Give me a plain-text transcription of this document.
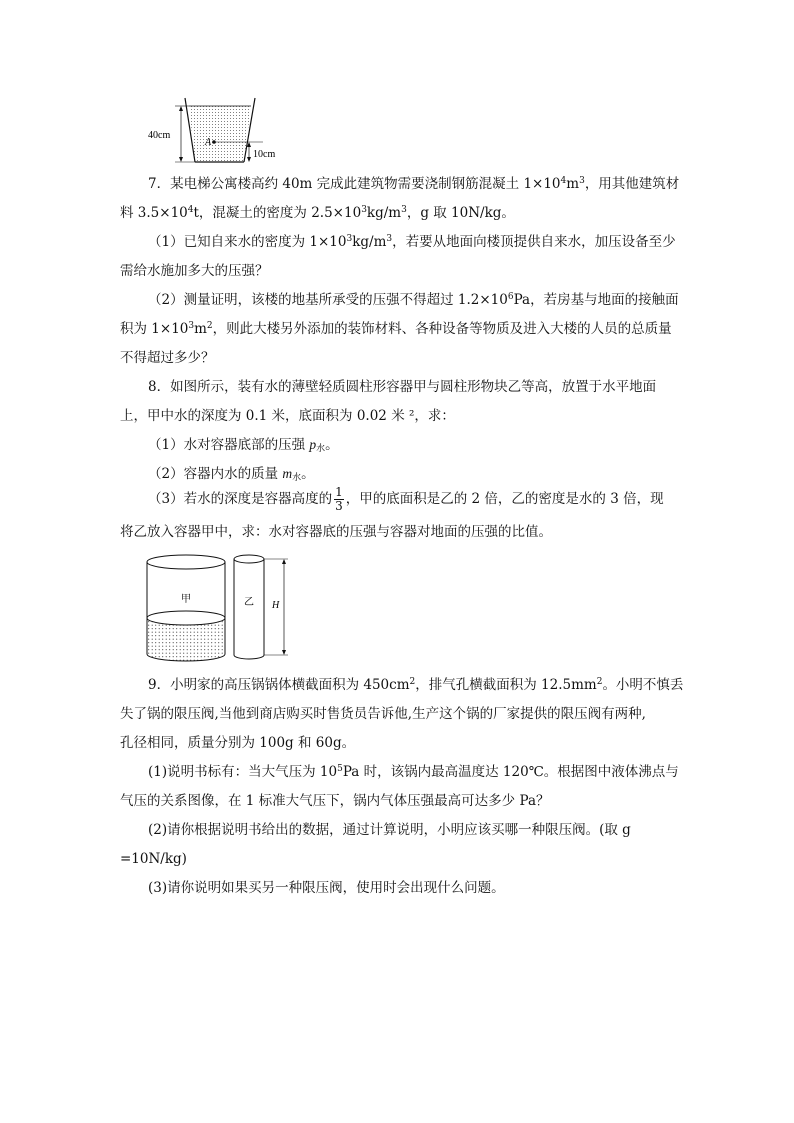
40cm
A
10cm
7．某电梯公寓楼高约 40m 完成此建筑物需要浇制钢筋混凝土 $1\times 10^4m^3$，用其他建筑材
料 $3.5\times 10^4t$，混凝土的密度为 $2.5\times 10^3kg/m^3$，g 取 10N/kg。
（1）已知自来水的密度为 $1\times 10^3kg/m^3$，若要从地面向楼顶提供自来水，加压设备至少
需给水施加多大的压强？
（2）测量证明，该楼的地基所承受的压强不得超过 $1.2\times 10^6Pa$，若房基与地面的接触面
积为 $1\times 10^3m^2$，则此大楼另外添加的装饰材料、各种设备等物质及进入大楼的人员的总质量
不得超过多少？
8．如图所示，装有水的薄壁轻质圆柱形容器甲与圆柱形物块乙等高，放置于水平地面
上，甲中水的深度为 0.1 米，底面积为 0.02 米 ²，求：
（1）水对容器底部的压强 $p_水$。
（2）容器内水的质量 $m_水$。
（3）若水的深度是容器高度的 $\frac{1}{3}$ ，甲的底面积是乙的 2 倍，乙的密度是水的 3 倍，现
将乙放入容器甲中，求：水对容器底的压强与容器对地面的压强的比值。
甲	乙 H
9．小明家的高压锅锅体横截面积为 $450cm^2$，排气孔横截面积为 $12.5mm^2$。小明不慎丢
失了锅的限压阀,当他到商店购买时售货员告诉他,生产这个锅的厂家提供的限压阀有两种,
孔径相同，质量分别为 100g 和 60g。
(1)说明书标有：当大气压为 $10^5Pa$ 时，该锅内最高温度达 120℃。根据图中液体沸点与
气压的关系图像，在 1 标准大气压下，锅内气体压强最高可达多少 Pa？
(2)请你根据说明书给出的数据，通过计算说明，小明应该买哪一种限压阀。(取 g
=10N/kg)
(3)请你说明如果买另一种限压阀，使用时会出现什么问题。
